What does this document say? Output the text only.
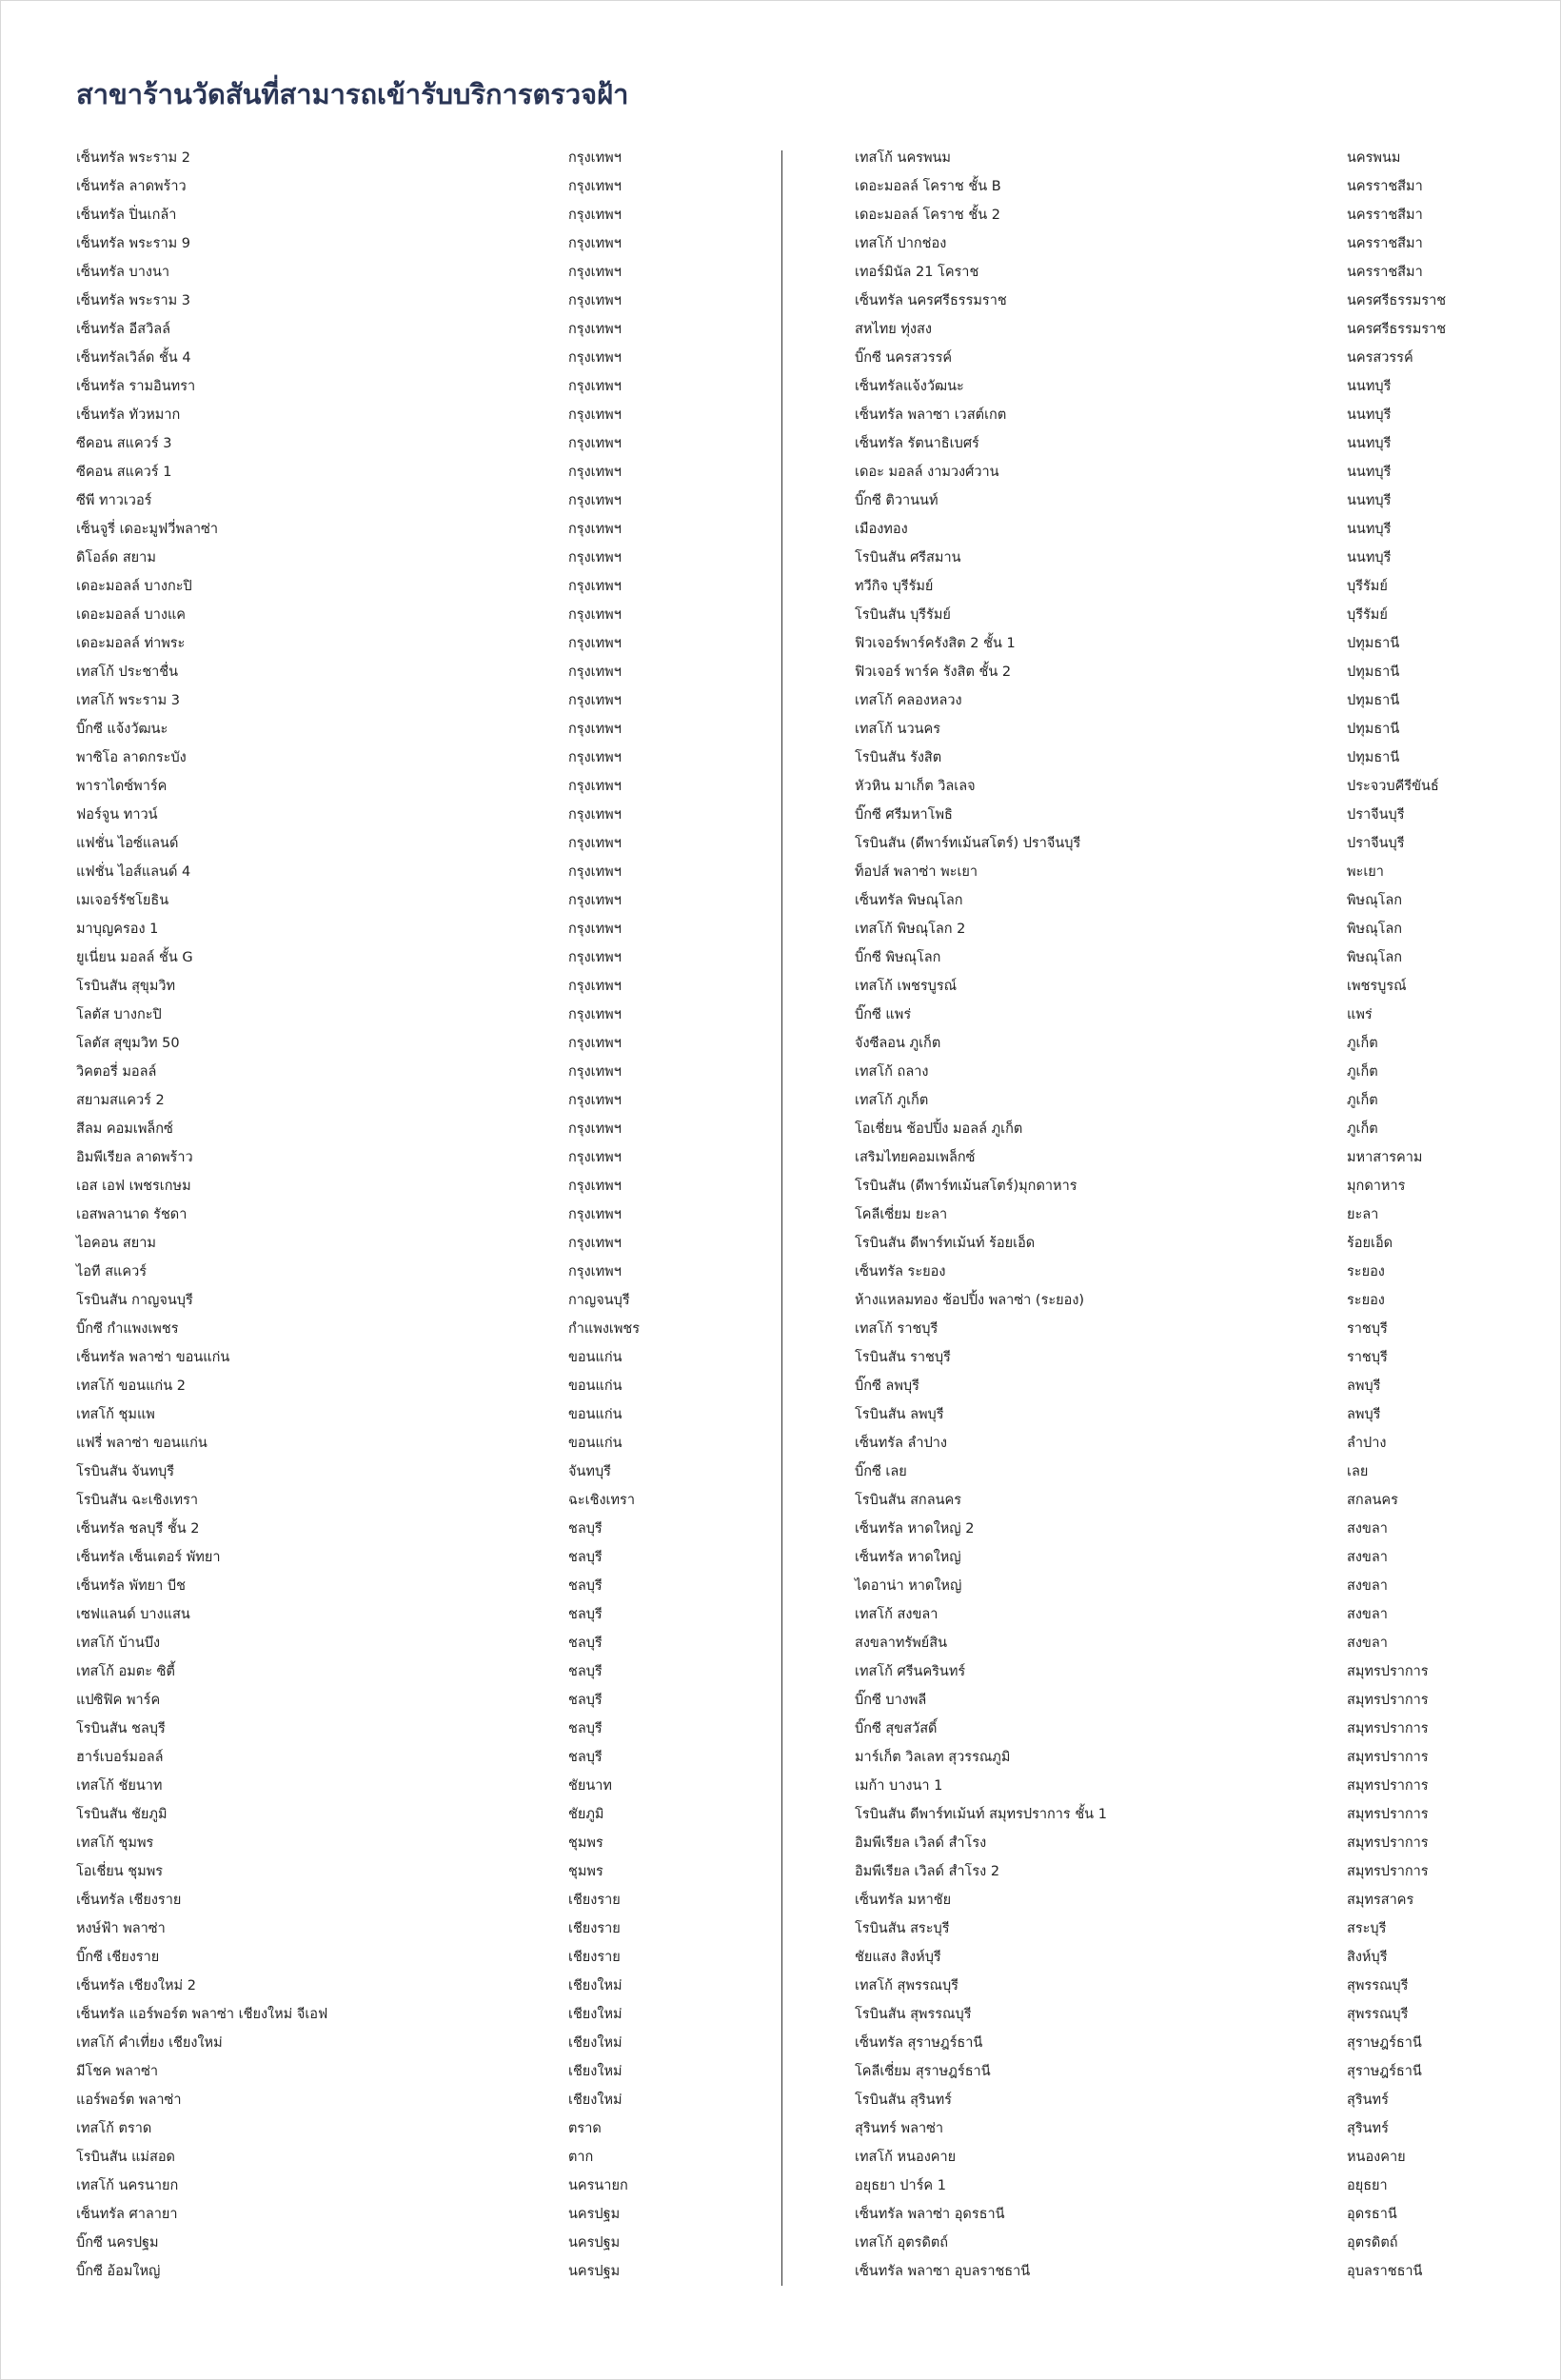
สาขาร้านวัดสันที่สามารถเข้ารับบริการตรวจฝ้า
เซ็นทรัล พระราม 2	กรุงเทพฯ
เซ็นทรัล ลาดพร้าว	กรุงเทพฯ
เซ็นทรัล ปิ่นเกล้า	กรุงเทพฯ
เซ็นทรัล พระราม 9	กรุงเทพฯ
เซ็นทรัล บางนา	กรุงเทพฯ
เซ็นทรัล พระราม 3	กรุงเทพฯ
เซ็นทรัล อีสวิลล์	กรุงเทพฯ
เซ็นทรัลเวิล์ด ชั้น 4	กรุงเทพฯ
เซ็นทรัล รามอินทรา	กรุงเทพฯ
เซ็นทรัล ทัวหมาก	กรุงเทพฯ
ซีคอน สแควร์ 3	กรุงเทพฯ
ซีคอน สแควร์ 1	กรุงเทพฯ
ซีพี ทาวเวอร์	กรุงเทพฯ
เซ็นจูรี่ เดอะมูฟวี่พลาซ่า	กรุงเทพฯ
ดิโอล์ด สยาม	กรุงเทพฯ
เดอะมอลล์ บางกะปิ	กรุงเทพฯ
เดอะมอลล์ บางแค	กรุงเทพฯ
เดอะมอลล์ ท่าพระ	กรุงเทพฯ
เทสโก้ ประชาชื่น	กรุงเทพฯ
เทสโก้ พระราม 3	กรุงเทพฯ
บิ๊กซี แจ้งวัฒนะ	กรุงเทพฯ
พาซิโอ ลาดกระบัง	กรุงเทพฯ
พาราไดซ์พาร์ค	กรุงเทพฯ
ฟอร์จูน ทาวน์	กรุงเทพฯ
แฟชั่น ไอซ์แลนด์	กรุงเทพฯ
แฟชั่น ไอส์แลนด์ 4	กรุงเทพฯ
เมเจอร์รัชโยธิน	กรุงเทพฯ
มาบุญครอง 1	กรุงเทพฯ
ยูเนี่ยน มอลล์ ชั้น G	กรุงเทพฯ
โรบินสัน สุขุมวิท	กรุงเทพฯ
โลตัส บางกะปิ	กรุงเทพฯ
โลตัส สุขุมวิท 50	กรุงเทพฯ
วิคตอรี่ มอลล์	กรุงเทพฯ
สยามสแควร์ 2	กรุงเทพฯ
สีลม คอมเพล็กซ์	กรุงเทพฯ
อิมพีเรียล ลาดพร้าว	กรุงเทพฯ
เอส เอฟ เพชรเกษม	กรุงเทพฯ
เอสพลานาด รัชดา	กรุงเทพฯ
ไอคอน สยาม	กรุงเทพฯ
ไอที สแควร์	กรุงเทพฯ
โรบินสัน กาญจนบุรี	กาญจนบุรี
บิ๊กซี กำแพงเพชร	กำแพงเพชร
เซ็นทรัล พลาซ่า ขอนแก่น	ขอนแก่น
เทสโก้ ขอนแก่น 2	ขอนแก่น
เทสโก้ ชุมแพ	ขอนแก่น
แฟรี่ พลาซ่า ขอนแก่น	ขอนแก่น
โรบินสัน จันทบุรี	จันทบุรี
โรบินสัน ฉะเชิงเทรา	ฉะเชิงเทรา
เซ็นทรัล ชลบุรี ชั้น 2	ชลบุรี
เซ็นทรัล เซ็นเตอร์ พัทยา	ชลบุรี
เซ็นทรัล พัทยา บีช	ชลบุรี
เซฟแลนด์ บางแสน	ชลบุรี
เทสโก้ บ้านบึง	ชลบุรี
เทสโก้ อมตะ ซิตี้	ชลบุรี
แปซิฟิค พาร์ค	ชลบุรี
โรบินสัน ชลบุรี	ชลบุรี
ฮาร์เบอร์มอลล์	ชลบุรี
เทสโก้ ชัยนาท	ชัยนาท
โรบินสัน ชัยภูมิ	ชัยภูมิ
เทสโก้ ชุมพร	ชุมพร
โอเชี่ยน ชุมพร	ชุมพร
เซ็นทรัล เชียงราย	เชียงราย
หงษ์ฟ้า พลาซ่า	เชียงราย
บิ๊กซี เชียงราย	เชียงราย
เซ็นทรัล เชียงใหม่ 2	เชียงใหม่
เซ็นทรัล แอร์พอร์ต พลาซ่า เชียงใหม่ จีเอฟ	เชียงใหม่
เทสโก้ คำเที่ยง เชียงใหม่	เชียงใหม่
มีโชค พลาซ่า	เชียงใหม่
แอร์พอร์ต พลาซ่า	เชียงใหม่
เทสโก้ ตราด	ตราด
โรบินสัน แม่สอด	ตาก
เทสโก้ นครนายก	นครนายก
เซ็นทรัล ศาลายา	นครปฐม
บิ๊กซี นครปฐม	นครปฐม
บิ๊กซี อ้อมใหญ่	นครปฐม
เทสโก้ นครพนม	นครพนม
เดอะมอลล์ โคราช ชั้น B	นครราชสีมา
เดอะมอลล์ โคราช ชั้น 2	นครราชสีมา
เทสโก้ ปากช่อง	นครราชสีมา
เทอร์มินัล 21 โคราช	นครราชสีมา
เซ็นทรัล นครศรีธรรมราช	นครศรีธรรมราช
สหไทย ทุ่งสง	นครศรีธรรมราช
บิ๊กซี นครสวรรค์	นครสวรรค์
เซ็นทรัลแจ้งวัฒนะ	นนทบุรี
เซ็นทรัล พลาซา เวสต์เกต	นนทบุรี
เซ็นทรัล รัตนาธิเบศร์	นนทบุรี
เดอะ มอลล์ งามวงศ์วาน	นนทบุรี
บิ๊กซี ติวานนท์	นนทบุรี
เมืองทอง	นนทบุรี
โรบินสัน ศรีสมาน	นนทบุรี
ทวีกิจ บุรีรัมย์	บุรีรัมย์
โรบินสัน บุรีรัมย์	บุรีรัมย์
ฟิวเจอร์พาร์ครังสิต 2 ชั้น 1	ปทุมธานี
ฟิวเจอร์ พาร์ค รังสิต ชั้น 2	ปทุมธานี
เทสโก้ คลองหลวง	ปทุมธานี
เทสโก้ นวนคร	ปทุมธานี
โรบินสัน รังสิต	ปทุมธานี
หัวหิน มาเก็ต วิลเลจ	ประจวบคีรีขันธ์
บิ๊กซี ศรีมหาโพธิ	ปราจีนบุรี
โรบินสัน (ดีพาร์ทเม้นสโตร์) ปราจีนบุรี	ปราจีนบุรี
ท็อปส์ พลาซ่า พะเยา	พะเยา
เซ็นทรัล พิษณุโลก	พิษณุโลก
เทสโก้ พิษณุโลก 2	พิษณุโลก
บิ๊กซี พิษณุโลก	พิษณุโลก
เทสโก้ เพชรบูรณ์	เพชรบูรณ์
บิ๊กซี แพร่	แพร่
จังซีลอน ภูเก็ต	ภูเก็ต
เทสโก้ ถลาง	ภูเก็ต
เทสโก้ ภูเก็ต	ภูเก็ต
โอเชี่ยน ช้อปปิ้ง มอลล์ ภูเก็ต	ภูเก็ต
เสริมไทยคอมเพล็กซ์	มหาสารคาม
โรบินสัน (ดีพาร์ทเม้นสโตร์)มุกดาหาร	มุกดาหาร
โคลีเซี่ยม ยะลา	ยะลา
โรบินสัน ดีพาร์ทเม้นท์ ร้อยเอ็ด	ร้อยเอ็ด
เซ็นทรัล ระยอง	ระยอง
ห้างแหลมทอง ช้อปปิ้ง พลาซ่า (ระยอง)	ระยอง
เทสโก้ ราชบุรี	ราชบุรี
โรบินสัน ราชบุรี	ราชบุรี
บิ๊กซี ลพบุรี	ลพบุรี
โรบินสัน ลพบุรี	ลพบุรี
เซ็นทรัล ลำปาง	ลำปาง
บิ๊กซี เลย	เลย
โรบินสัน สกลนคร	สกลนคร
เซ็นทรัล หาดใหญ่ 2	สงขลา
เซ็นทรัล หาดใหญ่	สงขลา
ไดอาน่า หาดใหญ่	สงขลา
เทสโก้ สงขลา	สงขลา
สงขลาทรัพย์สิน	สงขลา
เทสโก้ ศรีนครินทร์	สมุทรปราการ
บิ๊กซี บางพลี	สมุทรปราการ
บิ๊กซี สุขสวัสดิ์	สมุทรปราการ
มาร์เก็ต วิลเลท สุวรรณภูมิ	สมุทรปราการ
เมก้า บางนา 1	สมุทรปราการ
โรบินสัน ดีพาร์ทเม้นท์ สมุทรปราการ ชั้น 1	สมุทรปราการ
อิมพีเรียล เวิลด์ สำโรง	สมุทรปราการ
อิมพีเรียล เวิลด์ สำโรง 2	สมุทรปราการ
เซ็นทรัล มหาชัย	สมุทรสาคร
โรบินสัน สระบุรี	สระบุรี
ชัยแสง สิงห์บุรี	สิงห์บุรี
เทสโก้ สุพรรณบุรี	สุพรรณบุรี
โรบินสัน สุพรรณบุรี	สุพรรณบุรี
เซ็นทรัล สุราษฎร์ธานี	สุราษฎร์ธานี
โคลีเซี่ยม สุราษฎร์ธานี	สุราษฎร์ธานี
โรบินสัน สุรินทร์	สุรินทร์
สุรินทร์ พลาซ่า	สุรินทร์
เทสโก้ หนองคาย	หนองคาย
อยุธยา ปาร์ค 1	อยุธยา
เซ็นทรัล พลาซ่า อุดรธานี	อุดรธานี
เทสโก้ อุตรดิตถ์	อุตรดิตถ์
เซ็นทรัล พลาซา อุบลราชธานี	อุบลราชธานี
